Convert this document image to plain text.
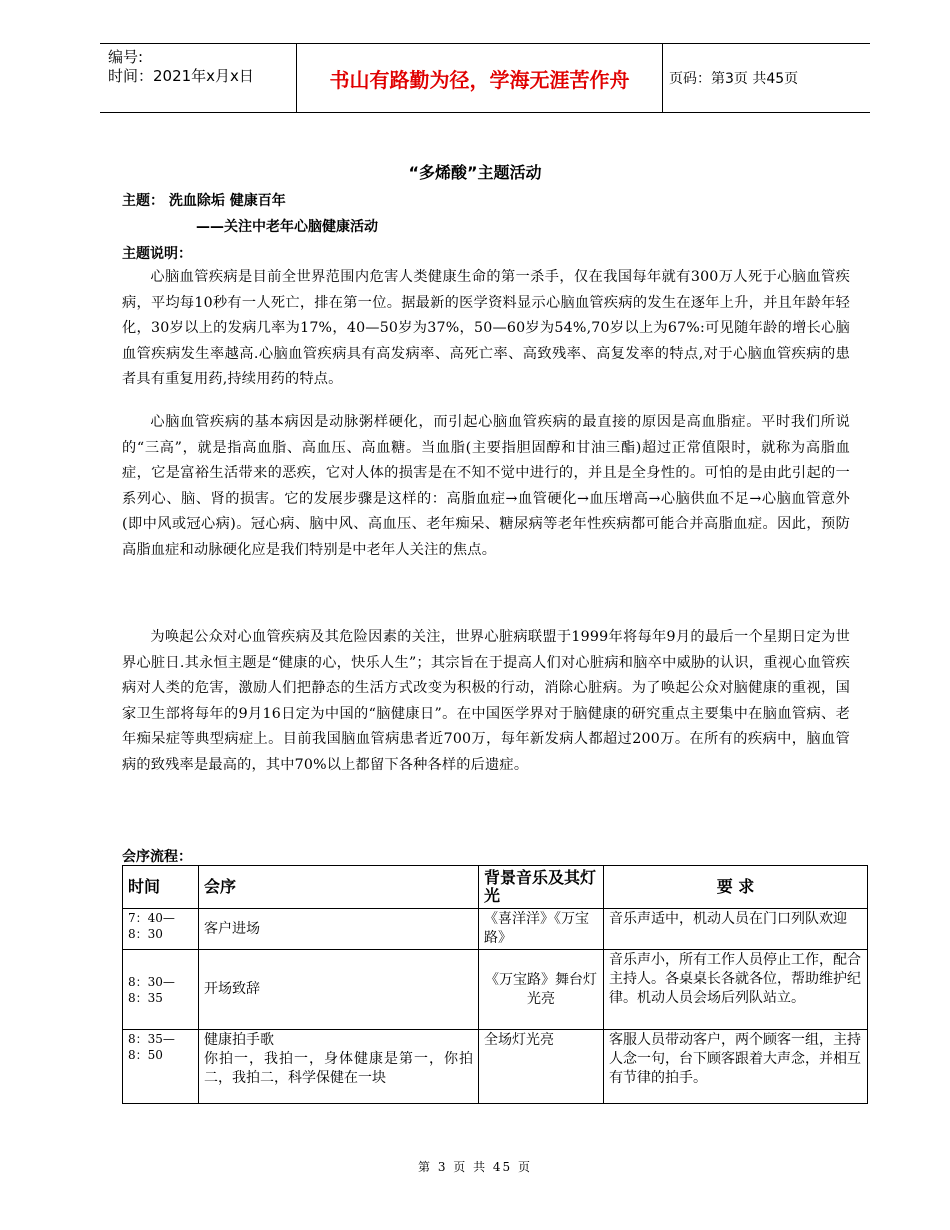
编号:
时间：2021年x月x日	书山有路勤为径，学海无涯苦作舟	页码：第3页 共45页
“多烯酸”主题活动
主题： 洗血除垢 健康百年
——关注中老年心脑健康活动
主题说明：
心脑血管疾病是目前全世界范围内危害人类健康生命的第一杀手，仅在我国每年就有300万人死于心脑血管疾病，平均每10秒有一人死亡，排在第一位。据最新的医学资料显示心脑血管疾病的发生在逐年上升，并且年龄年轻化，30岁以上的发病几率为17%，40—50岁为37%，50—60岁为54%,70岁以上为67%:可见随年龄的增长心脑血管疾病发生率越高.心脑血管疾病具有高发病率、高死亡率、高致残率、高复发率的特点,对于心脑血管疾病的患者具有重复用药,持续用药的特点。
心脑血管疾病的基本病因是动脉粥样硬化，而引起心脑血管疾病的最直接的原因是高血脂症。平时我们所说的“三高”，就是指高血脂、高血压、高血糖。当血脂(主要指胆固醇和甘油三酯)超过正常值限时，就称为高脂血症，它是富裕生活带来的恶疾，它对人体的损害是在不知不觉中进行的，并且是全身性的。可怕的是由此引起的一系列心、脑、肾的损害。它的发展步骤是这样的：高脂血症→血管硬化→血压增高→心脑供血不足→心脑血管意外(即中风或冠心病)。冠心病、脑中风、高血压、老年痴呆、糖尿病等老年性疾病都可能合并高脂血症。因此，预防高脂血症和动脉硬化应是我们特别是中老年人关注的焦点。
为唤起公众对心血管疾病及其危险因素的关注，世界心脏病联盟于1999年将每年9月的最后一个星期日定为世界心脏日.其永恒主题是“健康的心，快乐人生”；其宗旨在于提高人们对心脏病和脑卒中威胁的认识，重视心血管疾病对人类的危害，激励人们把静态的生活方式改变为积极的行动，消除心脏病。为了唤起公众对脑健康的重视，国家卫生部将每年的9月16日定为中国的“脑健康日”。在中国医学界对于脑健康的研究重点主要集中在脑血管病、老年痴呆症等典型病症上。目前我国脑血管病患者近700万，每年新发病人都超过200万。在所有的疾病中，脑血管病的致残率是最高的，其中70%以上都留下各种各样的后遗症。
会序流程：
时间	会序	背景音乐及其灯光	要 求
7：40—8：30	客户进场	《喜洋洋》《万宝路》	音乐声适中，机动人员在门口列队欢迎
8：30—8：35	开场致辞	《万宝路》舞台灯光亮	音乐声小，所有工作人员停止工作，配合主持人。各桌桌长各就各位，帮助维护纪律。机动人员会场后列队站立。
8：35—8：50	健康拍手歌
你拍一，我拍一，身体健康是第一，你拍二，我拍二，科学保健在一块	全场灯光亮	客服人员带动客户，两个顾客一组，主持人念一句，台下顾客跟着大声念，并相互有节律的拍手。
第 3 页 共 45 页
